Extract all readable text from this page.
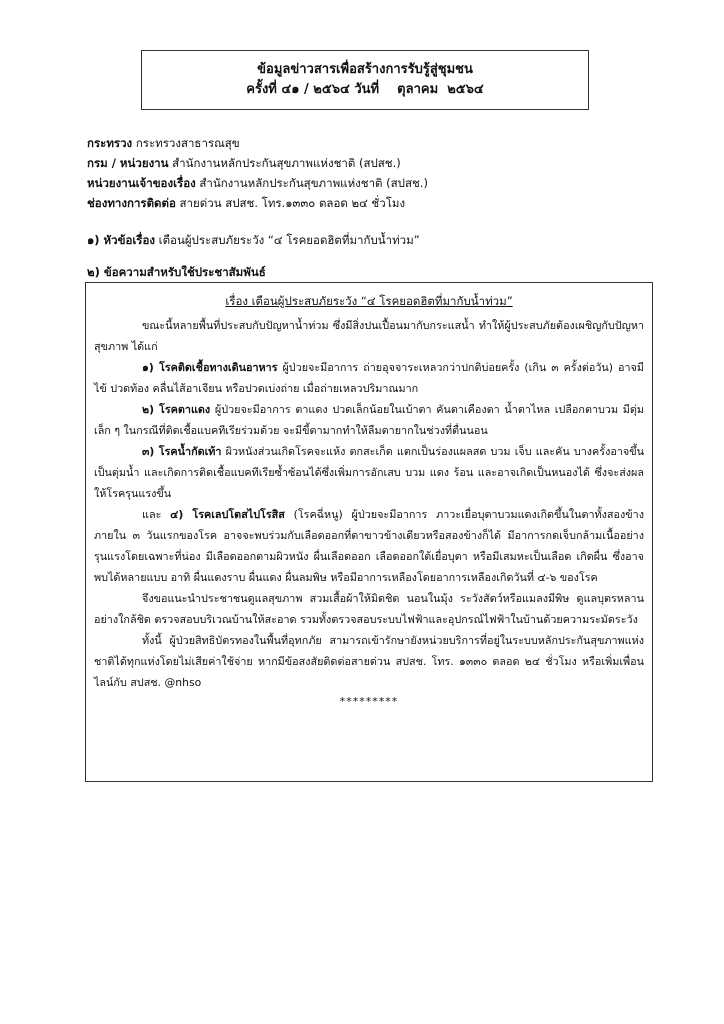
ข้อมูลข่าวสารเพื่อสร้างการรับรู้สู่ชุมชน
ครั้งที่ ๔๑ / ๒๕๖๔ วันที่    ตุลาคม  ๒๕๖๔
กระทรวง กระทรวงสาธารณสุข
กรม / หน่วยงาน สำนักงานหลักประกันสุขภาพแห่งชาติ (สปสช.)
หน่วยงานเจ้าของเรื่อง สำนักงานหลักประกันสุขภาพแห่งชาติ (สปสช.)
ช่องทางการติดต่อ สายด่วน สปสช. โทร.๑๓๓๐ ตลอด ๒๔ ชั่วโมง
๑) หัวข้อเรื่อง เตือนผู้ประสบภัยระวัง “๔ โรคยอดฮิตที่มากับน้ำท่วม”
๒) ข้อความสำหรับใช้ประชาสัมพันธ์
เรื่อง เตือนผู้ประสบภัยระวัง “๔ โรคยอดฮิตที่มากับน้ำท่วม”

ขณะนี้หลายพื้นที่ประสบกับปัญหาน้ำท่วม ซึ่งมีสิ่งปนเปื้อนมากับกระแสน้ำ ทำให้ผู้ประสบภัยต้องเผชิญกับปัญหาสุขภาพ ได้แก่

๑) โรคติดเชื้อทางเดินอาหาร ผู้ป่วยจะมีอาการ ถ่ายอุจจาระเหลวกว่าปกติบ่อยครั้ง (เกิน ๓ ครั้งต่อวัน) อาจมีไข้ ปวดท้อง คลื่นไส้อาเจียน หรือปวดเบ่งถ่าย เมื่อถ่ายเหลวปริมาณมาก

๒) โรคตาแดง ผู้ป่วยจะมีอาการ ตาแดง ปวดเล็กน้อยในเบ้าตา คันตาเคืองตา น้ำตาไหล เปลือกตาบวม มีตุ่มเล็ก ๆ ในกรณีที่ติดเชื้อแบคทีเรียร่วมด้วย จะมีขี้ตามากทำให้ลืมตายากในช่วงที่ตื่นนอน

๓) โรคน้ำกัดเท้า ผิวหนังส่วนเกิดโรคจะแห้ง ตกสะเก็ด แตกเป็นร่องแผลสด บวม เจ็บ และคัน บางครั้งอาจขึ้นเป็นตุ่มน้ำ และเกิดการติดเชื้อแบคทีเรียซ้ำซ้อนได้ซึ่งเพิ่มการอักเสบ บวม แดง ร้อน และอาจเกิดเป็นหนองได้ ซึ่งจะส่งผลให้โรครุนแรงขึ้น

และ ๔) โรคเลปโตสไปโรสิส (โรคฉี่หนู) ผู้ป่วยจะมีอาการ ภาวะเยื่อบุตาบวมแดงเกิดขึ้นในตาทั้งสองข้างภายใน ๓ วันแรกของโรค อาจจะพบร่วมกับเลือดออกที่ตาขาวข้างเดียวหรือสองข้างก็ได้ มีอาการกดเจ็บกล้ามเนื้ออย่างรุนแรงโดยเฉพาะที่น่อง มีเลือดออกตามผิวหนัง ผื่นเลือดออก เลือดออกใต้เยื่อบุตา หรือมีเสมหะเป็นเลือด เกิดผื่น ซึ่งอาจพบได้หลายแบบ อาทิ ผื่นแดงราบ ผื่นแดง ผื่นลมพิษ หรือมีอาการเหลืองโดยอาการเหลืองเกิดวันที่ ๔-๖ ของโรค

จึงขอแนะนำประชาชนดูแลสุขภาพ สวมเสื้อผ้าให้มิดชิด นอนในมุ้ง ระวังสัตว์หรือแมลงมีพิษ ดูแลบุตรหลานอย่างใกล้ชิด ตรวจสอบบริเวณบ้านให้สะอาด รวมทั้งตรวจสอบระบบไฟฟ้าและอุปกรณ์ไฟฟ้าในบ้านด้วยความระมัดระวัง

ทั้งนี้ ผู้ป่วยสิทธิบัตรทองในพื้นที่อุทกภัย สามารถเข้ารักษายังหน่วยบริการที่อยู่ในระบบหลักประกันสุขภาพแห่งชาติได้ทุกแห่งโดยไม่เสียค่าใช้จ่าย หากมีข้อสงสัยติดต่อสายด่วน สปสช. โทร. ๑๓๓๐ ตลอด ๒๔ ชั่วโมง หรือเพิ่มเพื่อนไลน์กับ สปสช. @nhso

*********
